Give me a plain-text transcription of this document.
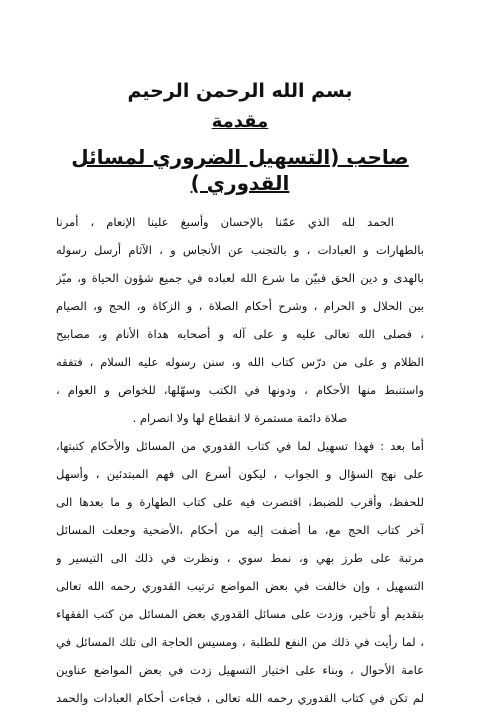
بسم الله الرحمن الرحيم
مقدمة
صاحب (التسهيل الضروري لمسائل القدوري )

الحمد لله الذي عمّنا بالإحسان وأسبغ علينا الإنعام ، أمرنا

بالطهارات و العبادات ، و بالتجنب عن الأنجاس و ، الآثام أرسل رسوله

بالهدى و دين الحق فبيّن ما شرع الله لعباده في جميع شؤون الحياة و، ميّز

بين الحلال و الحرام ، وشرح أحكام الصلاة ، و الزكاة و، الحج و، الصيام

، فصلى الله تعالى عليه و على آله و أصحابه هداة الأنام و، مصابيح

الظلام و على من درّس كتاب الله و، سنن رسوله عليه السلام ، فتفقه

واستنبط منها الأحكام ، ودونها في الكتب وسهّلها، للخواص و العوام ،

صلاة دائمة مستمرة لا انقطاع لها ولا انصرام .

أما بعد : فهذا تسهيل لما في كتاب القدوري من المسائل والأحكام كتبتها،

على نهج السؤال و الجواب ، ليكون أسرع الى فهم المبتدئين ، وأسهل

للحفظ، وأقرب للضبط، اقتصرت فيه على كتاب الطهارة و ما بعدها الى

آخر كتاب الحج مع، ما أضفت إليه من أحكام ،الأضحية وجعلت المسائل

مرتبة على طرز بهي و، نمط سوي ، ونظرت في ذلك الى التيسير و

التسهيل ، وإن خالفت في بعض المواضع ترتيب القدوري رحمه الله تعالى

بتقديم أو تأخير، وزدت على مسائل القدوري بعض المسائل من كتب الفقهاء

، لما رأيت في ذلك من النفع للطلبة ، ومسيس الحاجة الى تلك المسائل في

عامة الأحوال ، وبناء على اختيار التسهيل زدت في بعض المواضع عناوين

لم تكن في كتاب القدوري رحمه الله تعالى ، فجاءت أحكام العبادات والحمد
